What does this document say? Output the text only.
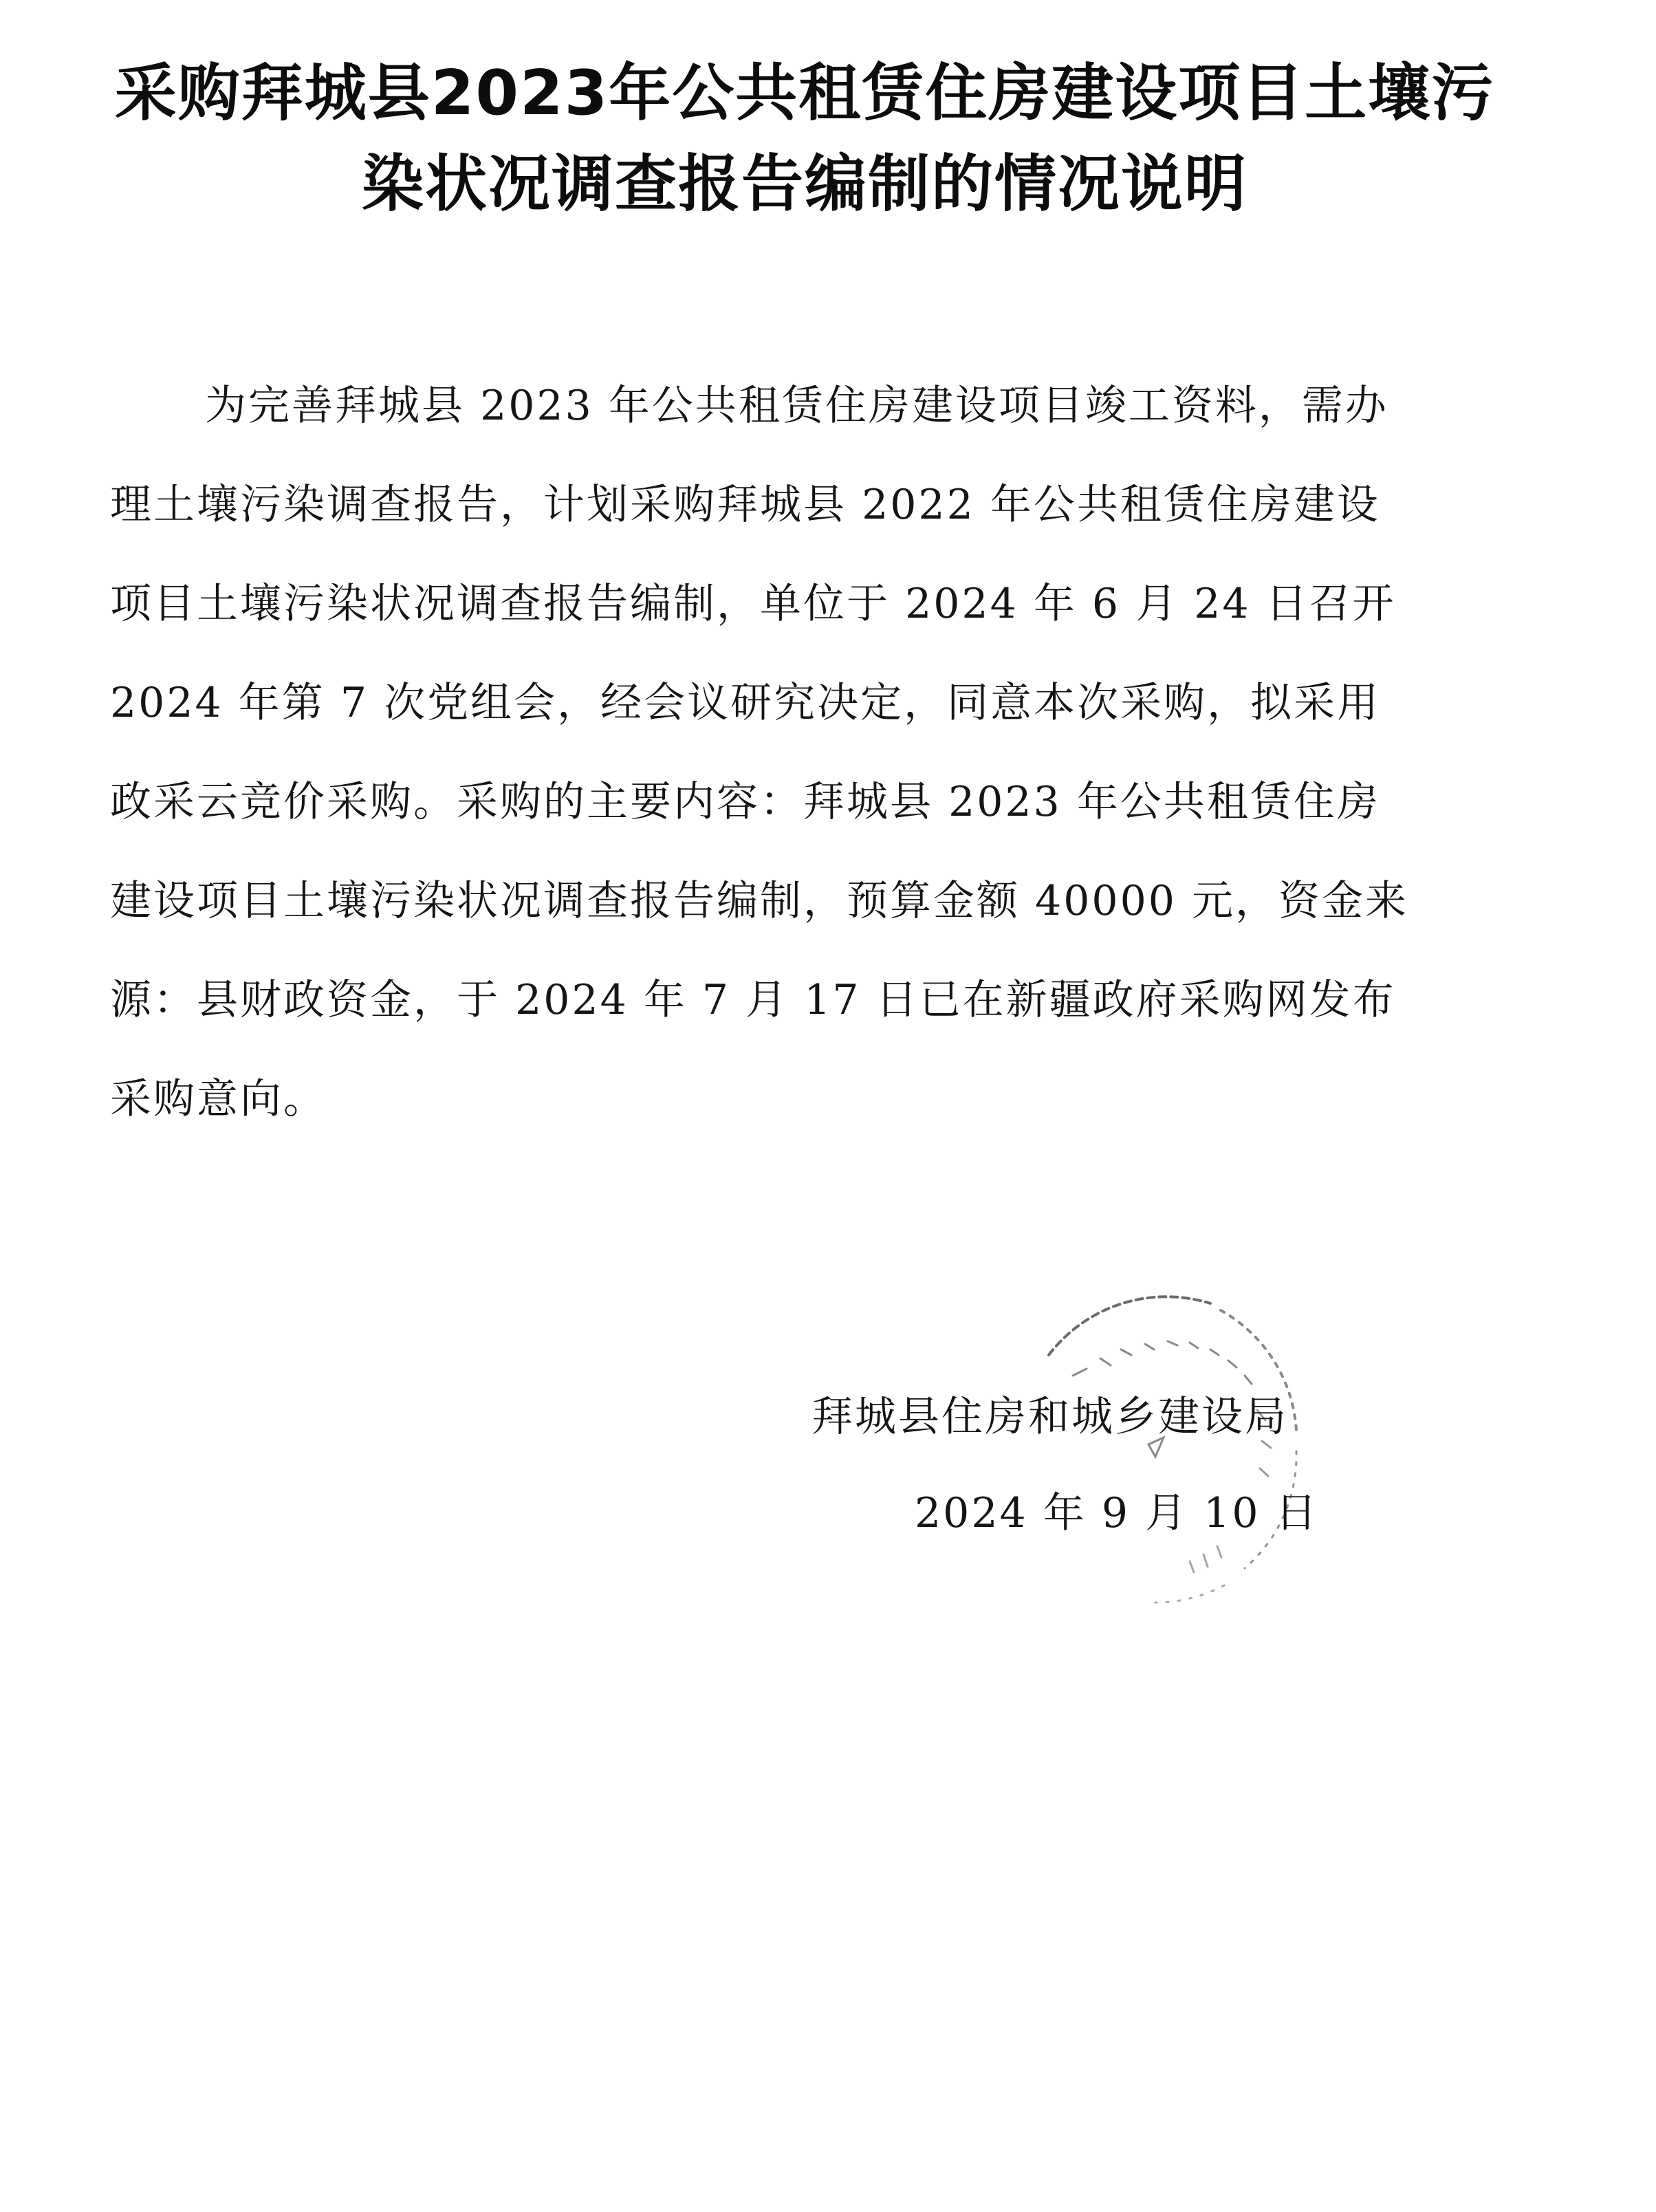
采购拜城县2023年公共租赁住房建设项目土壤污
染状况调查报告编制的情况说明
为完善拜城县 2023 年公共租赁住房建设项目竣工资料，需办
理土壤污染调查报告，计划采购拜城县 2022 年公共租赁住房建设
项目土壤污染状况调查报告编制，单位于 2024 年 6 月 24 日召开
2024 年第 7 次党组会，经会议研究决定，同意本次采购，拟采用
政采云竞价采购。采购的主要内容：拜城县 2023 年公共租赁住房
建设项目土壤污染状况调查报告编制，预算金额 40000 元，资金来
源：县财政资金，于 2024 年 7 月 17 日已在新疆政府采购网发布
采购意向。
拜城县住房和城乡建设局
2024 年 9 月 10 日
